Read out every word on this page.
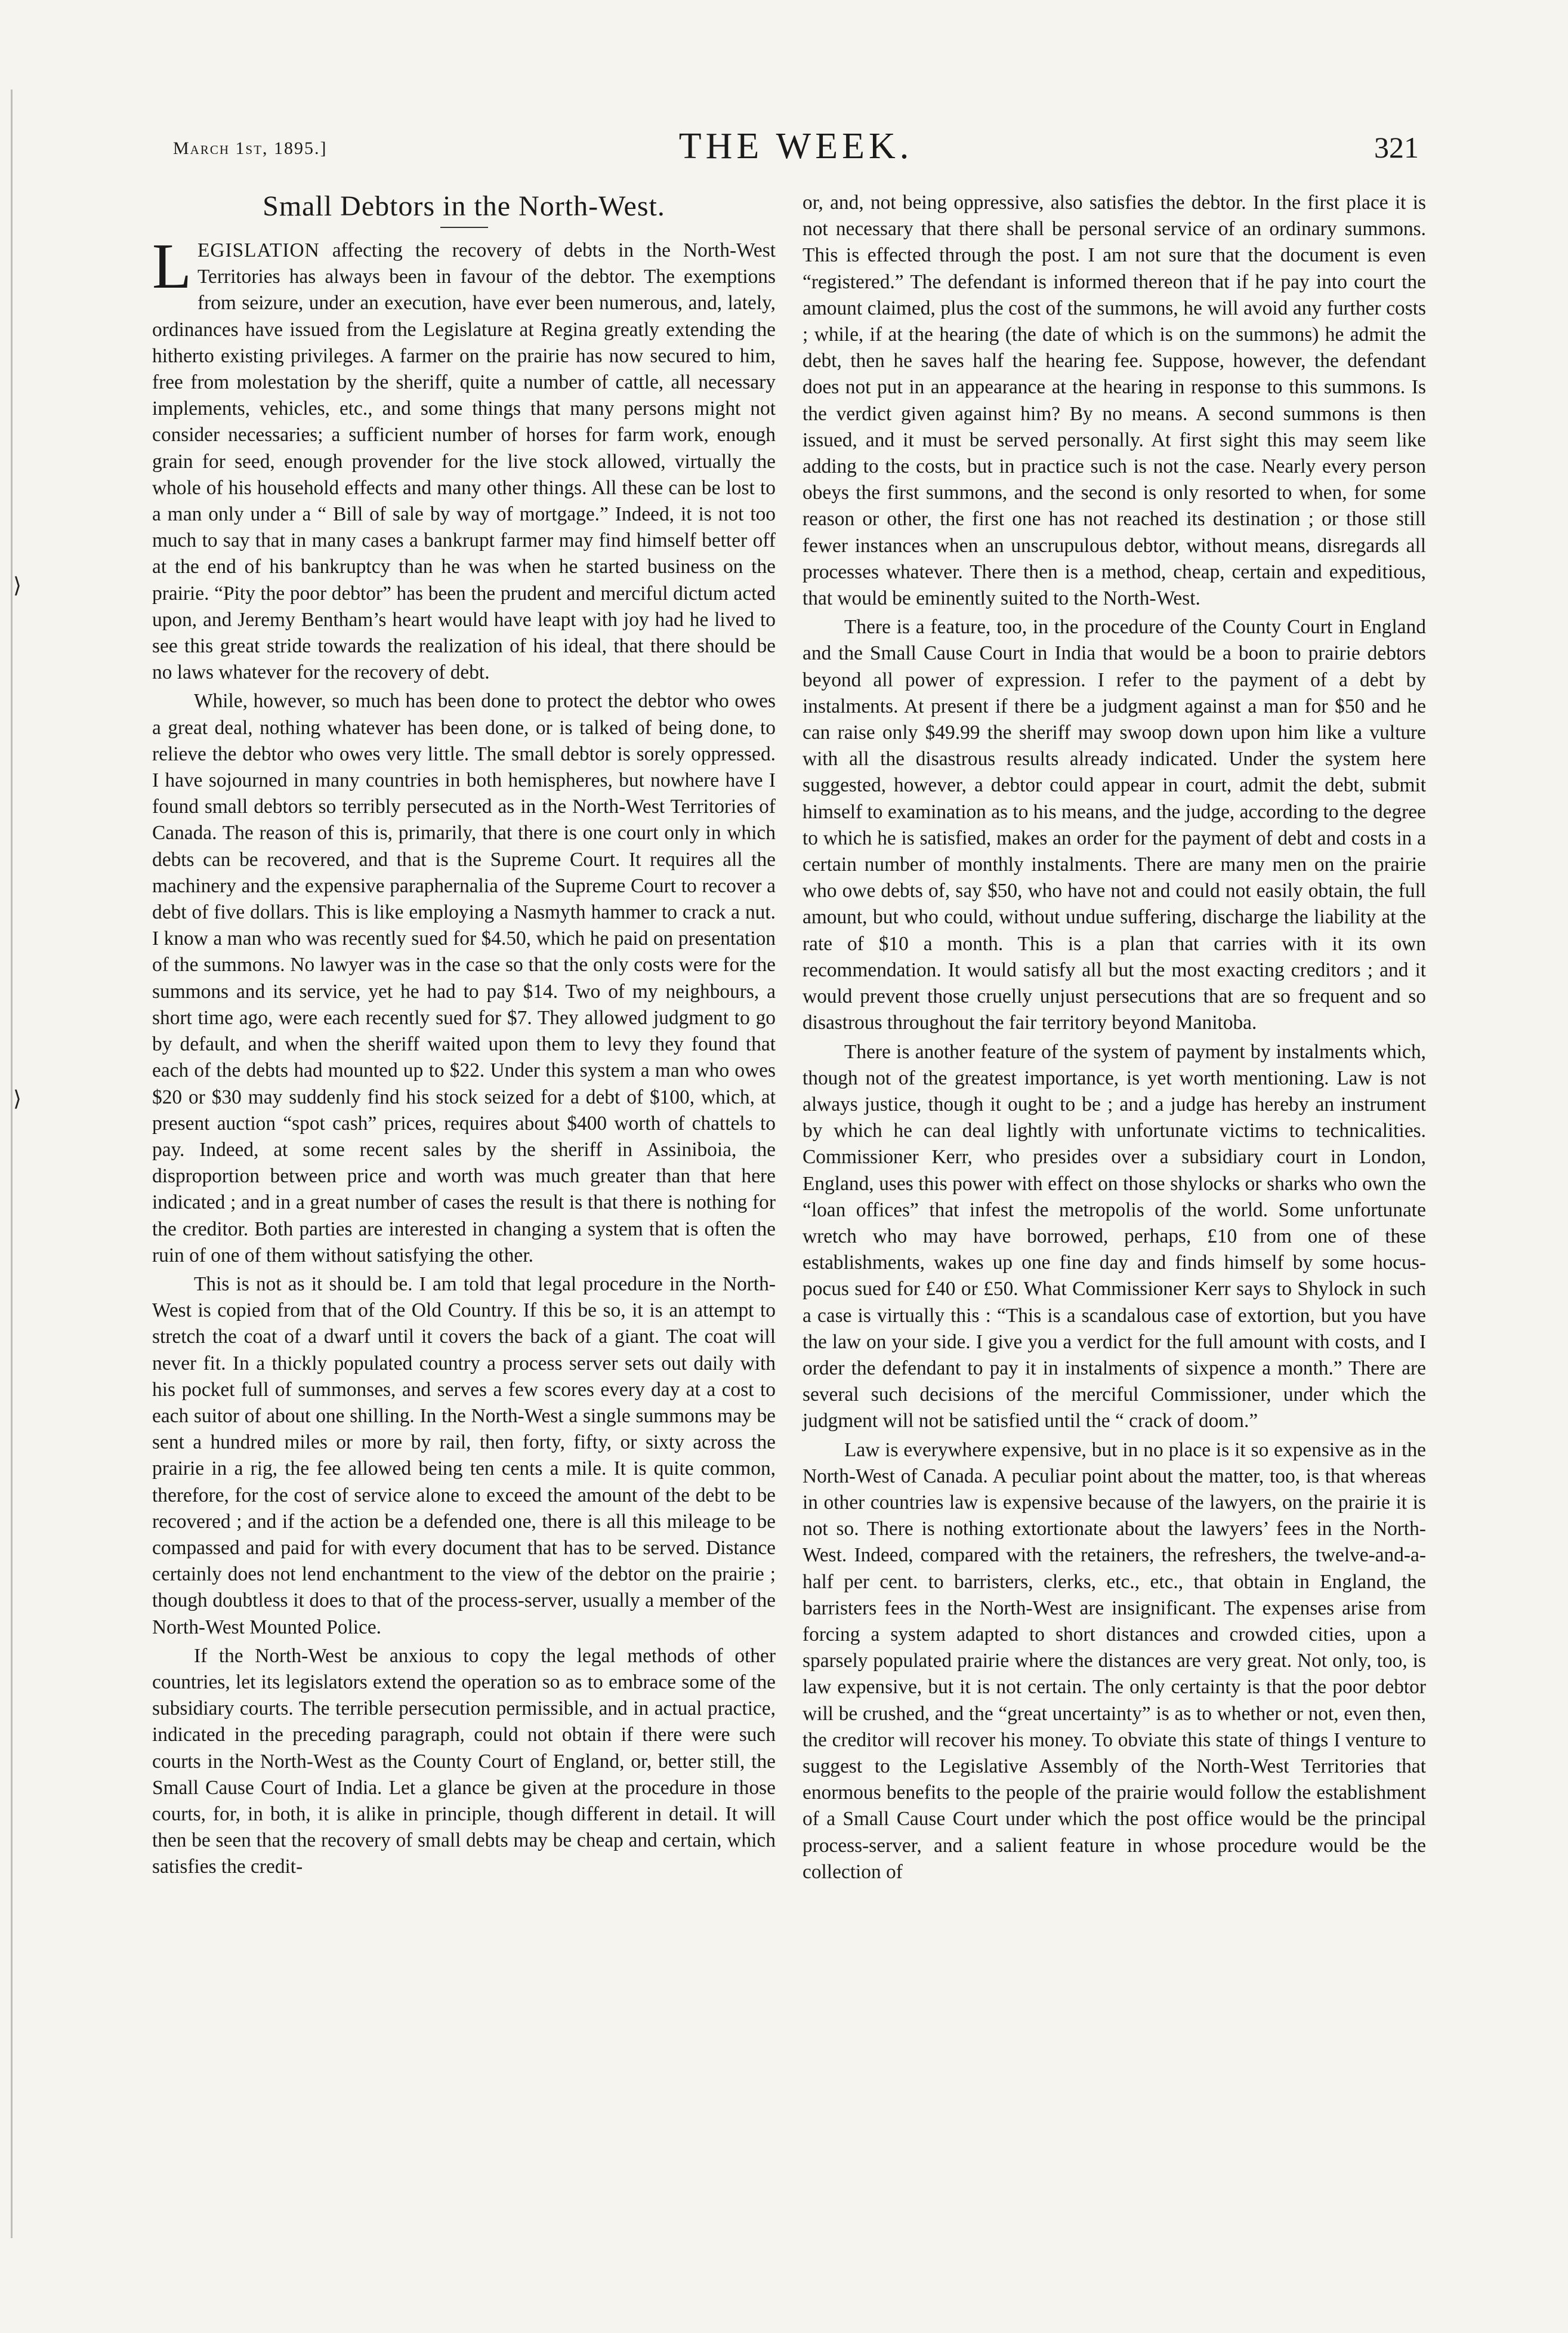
⟩
⟩
March 1st, 1895.]	THE WEEK.	321
Small Debtors in the North-West.

LEGISLATION affecting the recovery of debts in the North-West Territories has always been in favour of the debtor. The exemptions from seizure, under an execution, have ever been numerous, and, lately, ordinances have issued from the Legislature at Regina greatly extending the hitherto existing privileges. A farmer on the prairie has now secured to him, free from molestation by the sheriff, quite a number of cattle, all necessary implements, vehicles, etc., and some things that many persons might not consider necessaries; a sufficient number of horses for farm work, enough grain for seed, enough provender for the live stock allowed, virtually the whole of his household effects and many other things. All these can be lost to a man only under a “ Bill of sale by way of mortgage.” Indeed, it is not too much to say that in many cases a bankrupt farmer may find himself better off at the end of his bankruptcy than he was when he started business on the prairie. “Pity the poor debtor” has been the prudent and merciful dictum acted upon, and Jeremy Bentham’s heart would have leapt with joy had he lived to see this great stride towards the realization of his ideal, that there should be no laws whatever for the recovery of debt.

While, however, so much has been done to protect the debtor who owes a great deal, nothing whatever has been done, or is talked of being done, to relieve the debtor who owes very little. The small debtor is sorely oppressed. I have sojourned in many countries in both hemispheres, but nowhere have I found small debtors so terribly persecuted as in the North-West Territories of Canada. The reason of this is, primarily, that there is one court only in which debts can be recovered, and that is the Supreme Court. It requires all the machinery and the expensive paraphernalia of the Supreme Court to recover a debt of five dollars. This is like employing a Nasmyth hammer to crack a nut. I know a man who was recently sued for $4.50, which he paid on presentation of the summons. No lawyer was in the case so that the only costs were for the summons and its service, yet he had to pay $14. Two of my neighbours, a short time ago, were each recently sued for $7. They allowed judgment to go by default, and when the sheriff waited upon them to levy they found that each of the debts had mounted up to $22. Under this system a man who owes $20 or $30 may suddenly find his stock seized for a debt of $100, which, at present auction “spot cash” prices, requires about $400 worth of chattels to pay. Indeed, at some recent sales by the sheriff in Assiniboia, the disproportion between price and worth was much greater than that here indicated ; and in a great number of cases the result is that there is nothing for the creditor. Both parties are interested in changing a system that is often the ruin of one of them without satisfying the other.

This is not as it should be. I am told that legal procedure in the North-West is copied from that of the Old Country. If this be so, it is an attempt to stretch the coat of a dwarf until it covers the back of a giant. The coat will never fit. In a thickly populated country a process server sets out daily with his pocket full of summonses, and serves a few scores every day at a cost to each suitor of about one shilling. In the North-West a single summons may be sent a hundred miles or more by rail, then forty, fifty, or sixty across the prairie in a rig, the fee allowed being ten cents a mile. It is quite common, therefore, for the cost of service alone to exceed the amount of the debt to be recovered ; and if the action be a defended one, there is all this mileage to be compassed and paid for with every document that has to be served. Distance certainly does not lend enchantment to the view of the debtor on the prairie ; though doubtless it does to that of the process-server, usually a member of the North-West Mounted Police.

If the North-West be anxious to copy the legal methods of other countries, let its legislators extend the operation so as to embrace some of the subsidiary courts. The terrible persecution permissible, and in actual practice, indicated in the preceding paragraph, could not obtain if there were such courts in the North-West as the County Court of England, or, better still, the Small Cause Court of India. Let a glance be given at the procedure in those courts, for, in both, it is alike in principle, though different in detail. It will then be seen that the recovery of small debts may be cheap and certain, which satisfies the credit-

or, and, not being oppressive, also satisfies the debtor. In the first place it is not necessary that there shall be personal service of an ordinary summons. This is effected through the post. I am not sure that the document is even “registered.” The defendant is informed thereon that if he pay into court the amount claimed, plus the cost of the summons, he will avoid any further costs ; while, if at the hearing (the date of which is on the summons) he admit the debt, then he saves half the hearing fee. Suppose, however, the defendant does not put in an appearance at the hearing in response to this summons. Is the verdict given against him? By no means. A second summons is then issued, and it must be served personally. At first sight this may seem like adding to the costs, but in practice such is not the case. Nearly every person obeys the first summons, and the second is only resorted to when, for some reason or other, the first one has not reached its destination ; or those still fewer instances when an unscrupulous debtor, without means, disregards all processes whatever. There then is a method, cheap, certain and expeditious, that would be eminently suited to the North-West.

There is a feature, too, in the procedure of the County Court in England and the Small Cause Court in India that would be a boon to prairie debtors beyond all power of expression. I refer to the payment of a debt by instalments. At present if there be a judgment against a man for $50 and he can raise only $49.99 the sheriff may swoop down upon him like a vulture with all the disastrous results already indicated. Under the system here suggested, however, a debtor could appear in court, admit the debt, submit himself to examination as to his means, and the judge, according to the degree to which he is satisfied, makes an order for the payment of debt and costs in a certain number of monthly instalments. There are many men on the prairie who owe debts of, say $50, who have not and could not easily obtain, the full amount, but who could, without undue suffering, discharge the liability at the rate of $10 a month. This is a plan that carries with it its own recommendation. It would satisfy all but the most exacting creditors ; and it would prevent those cruelly unjust persecutions that are so frequent and so disastrous throughout the fair territory beyond Manitoba.

There is another feature of the system of payment by instalments which, though not of the greatest importance, is yet worth mentioning. Law is not always justice, though it ought to be ; and a judge has hereby an instrument by which he can deal lightly with unfortunate victims to technicalities. Commissioner Kerr, who presides over a subsidiary court in London, England, uses this power with effect on those shylocks or sharks who own the “loan offices” that infest the metropolis of the world. Some unfortunate wretch who may have borrowed, perhaps, £10 from one of these establishments, wakes up one fine day and finds himself by some hocus-pocus sued for £40 or £50. What Commissioner Kerr says to Shylock in such a case is virtually this : “This is a scandalous case of extortion, but you have the law on your side. I give you a verdict for the full amount with costs, and I order the defendant to pay it in instalments of sixpence a month.” There are several such decisions of the merciful Commissioner, under which the judgment will not be satisfied until the “ crack of doom.”

Law is everywhere expensive, but in no place is it so expensive as in the North-West of Canada. A peculiar point about the matter, too, is that whereas in other countries law is expensive because of the lawyers, on the prairie it is not so. There is nothing extortionate about the lawyers’ fees in the North-West. Indeed, compared with the retainers, the refreshers, the twelve-and-a-half per cent. to barristers, clerks, etc., etc., that obtain in England, the barristers fees in the North-West are insignificant. The expenses arise from forcing a system adapted to short distances and crowded cities, upon a sparsely populated prairie where the distances are very great. Not only, too, is law expensive, but it is not certain. The only certainty is that the poor debtor will be crushed, and the “great uncertainty” is as to whether or not, even then, the creditor will recover his money. To obviate this state of things I venture to suggest to the Legislative Assembly of the North-West Territories that enormous benefits to the people of the prairie would follow the establishment of a Small Cause Court under which the post office would be the principal process-server, and a salient feature in whose procedure would be the collection of
